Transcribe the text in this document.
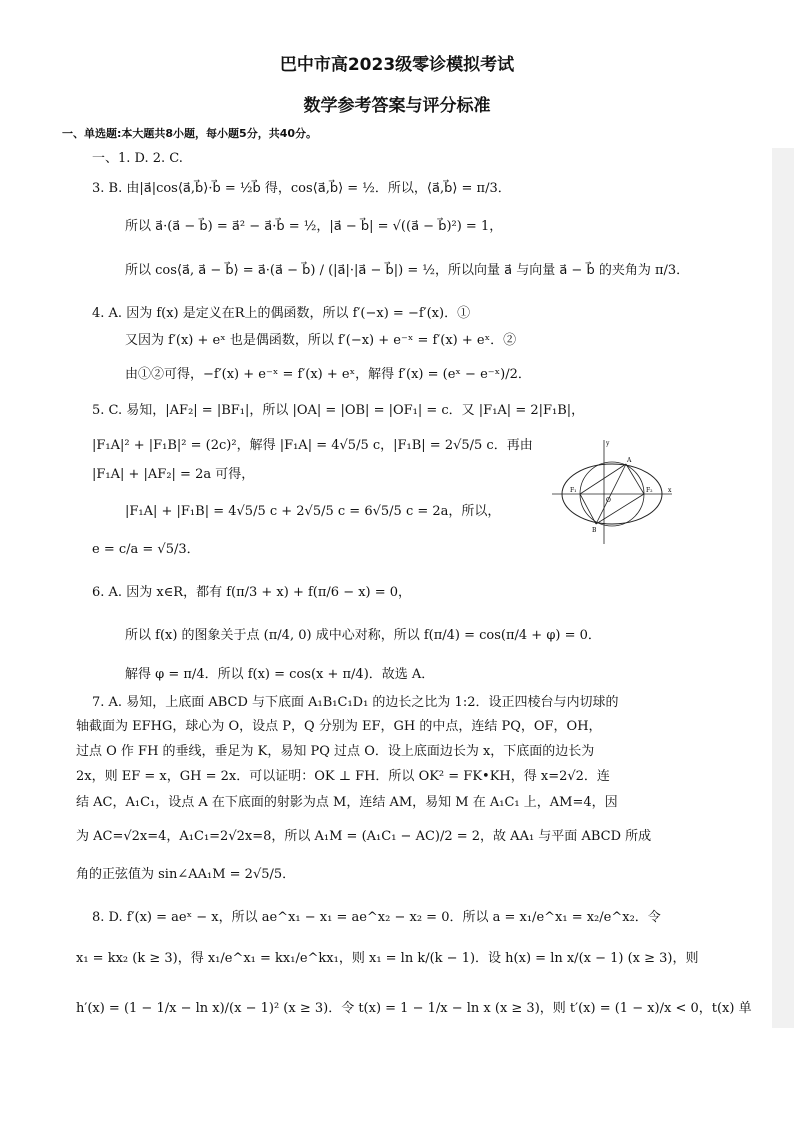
巴中市高2023级零诊模拟考试
数学参考答案与评分标准
一、单选题:本大题共8小题，每小题5分，共40分。
一、1. D. 2. C.
3. B. 由|a⃗|cos⟨a⃗,b⃗⟩·b⃗ = ½b⃗ 得，cos⟨a⃗,b⃗⟩ = ½．所以，⟨a⃗,b⃗⟩ = π/3．
所以 a⃗·(a⃗ − b⃗) = a⃗² − a⃗·b⃗ = ½，|a⃗ − b⃗| = √((a⃗ − b⃗)²) = 1，
所以 cos⟨a⃗, a⃗ − b⃗⟩ = a⃗·(a⃗ − b⃗) / (|a⃗|·|a⃗ − b⃗|) = ½，所以向量 a⃗ 与向量 a⃗ − b⃗ 的夹角为 π/3．
4. A. 因为 f(x) 是定义在R上的偶函数，所以 f′(−x) = −f′(x)．①
又因为 f′(x) + eˣ 也是偶函数，所以 f′(−x) + e⁻ˣ = f′(x) + eˣ．②
由①②可得，−f′(x) + e⁻ˣ = f′(x) + eˣ，解得 f′(x) = (eˣ − e⁻ˣ)/2．
5. C. 易知，|AF₂| = |BF₁|，所以 |OA| = |OB| = |OF₁| = c．又 |F₁A| = 2|F₁B|，
|F₁A|² + |F₁B|² = (2c)²，解得 |F₁A| = 4√5/5 c，|F₁B| = 2√5/5 c．再由
|F₁A| + |AF₂| = 2a 可得，
|F₁A| + |F₁B| = 4√5/5 c + 2√5/5 c = 6√5/5 c = 2a，所以，
e = c/a = √5/3．
6. A. 因为 x∈R，都有 f(π/3 + x) + f(π/6 − x) = 0，
所以 f(x) 的图象关于点 (π/4, 0) 成中心对称，所以 f(π/4) = cos(π/4 + φ) = 0．
解得 φ = π/4．所以 f(x) = cos(x + π/4)．故选 A．
7. A. 易知，上底面 ABCD 与下底面 A₁B₁C₁D₁ 的边长之比为 1:2．设正四棱台与内切球的
轴截面为 EFHG，球心为 O，设点 P，Q 分别为 EF，GH 的中点，连结 PQ，OF，OH，
过点 O 作 FH 的垂线，垂足为 K，易知 PQ 过点 O．设上底面边长为 x，下底面的边长为
2x，则 EF = x，GH = 2x．可以证明：OK ⊥ FH．所以 OK² = FK•KH，得 x=2√2．连
结 AC，A₁C₁，设点 A 在下底面的射影为点 M，连结 AM，易知 M 在 A₁C₁ 上，AM=4，因
为 AC=√2x=4，A₁C₁=2√2x=8，所以 A₁M = (A₁C₁ − AC)/2 = 2，故 AA₁ 与平面 ABCD 所成
角的正弦值为 sin∠AA₁M = 2√5/5．
8. D. f′(x) = aeˣ − x，所以 ae^x₁ − x₁ = ae^x₂ − x₂ = 0．所以 a = x₁/e^x₁ = x₂/e^x₂．令
x₁ = kx₂ (k ≥ 3)，得 x₁/e^x₁ = kx₁/e^kx₁，则 x₁ = ln k/(k − 1)．设 h(x) = ln x/(x − 1) (x ≥ 3)，则
h′(x) = (1 − 1/x − ln x)/(x − 1)² (x ≥ 3)．令 t(x) = 1 − 1/x − ln x (x ≥ 3)，则 t′(x) = (1 − x)/x < 0，t(x) 单
y
x
O
A
B
F₁	F₂
